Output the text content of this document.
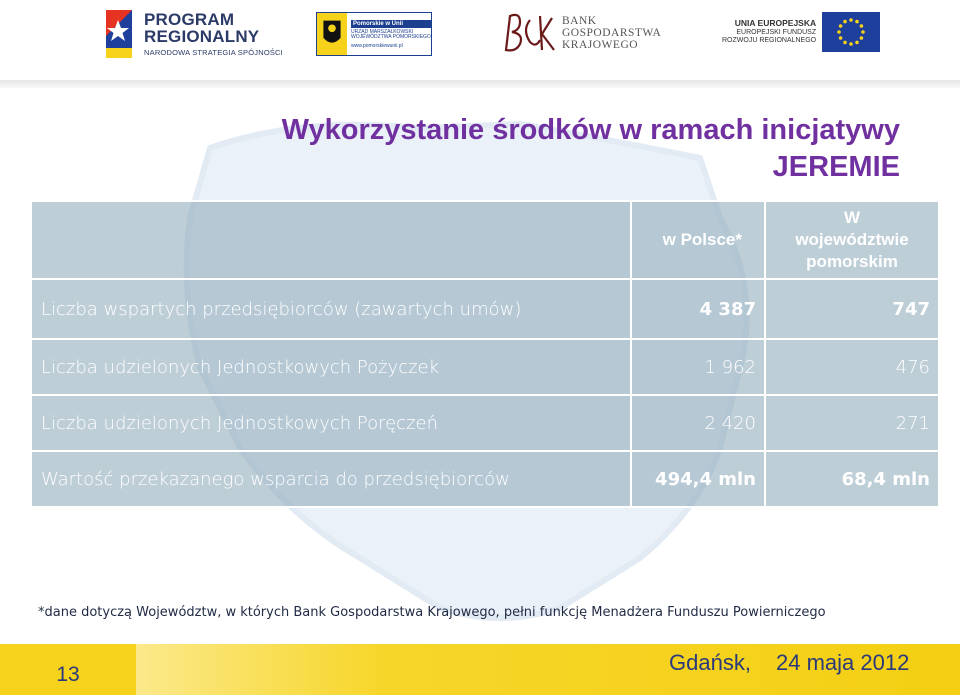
PROGRAM
REGIONALNY
NARODOWA STRATEGIA SPÓJNOŚCI
Pomorskie w Unii
URZĄD MARSZAŁKOWSKI
WOJEWÓDZTWA POMORSKIEGO
www.pomorskiewunii.pl
BANK
GOSPODARSTWA
KRAJOWEGO
UNIA EUROPEJSKA
EUROPEJSKI FUNDUSZ
ROZWOJU REGIONALNEGO
Wykorzystanie środków w ramach inicjatywy
JEREMIE
	w Polsce*	W
województwie
pomorskim

Liczba wspartych przedsiębiorców (zawartych umów)	4 387	747
Liczba udzielonych Jednostkowych Pożyczek	1 962	476
Liczba udzielonych Jednostkowych Poręczeń	2 420	271
Wartość przekazanego wsparcia do przedsiębiorców	494,4 mln	68,4 mln
*dane dotyczą Województw, w których Bank Gospodarstwa Krajowego, pełni funkcję Menadżera Funduszu Powierniczego
13	Gdańsk, 24 maja 2012
